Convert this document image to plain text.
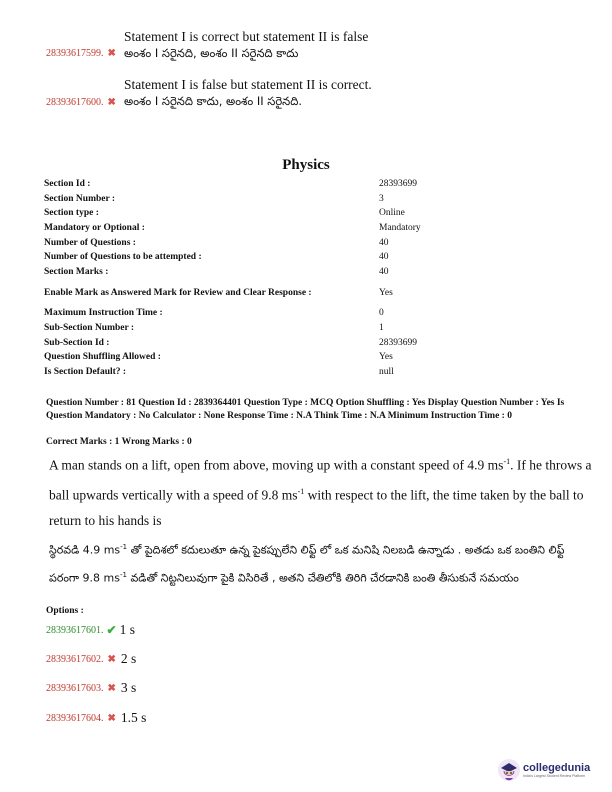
Statement I is correct but statement II is false
28393617599. ✖ అంశం I సరైనది, అంశం II సరైనది కాదు
Statement I is false but statement II is correct.
28393617600. ✖ అంశం I సరైనది కాదు, అంశం II సరైనది.
Physics
Section Id :	28393699
Section Number :	3
Section type :	Online
Mandatory or Optional :	Mandatory
Number of Questions :	40
Number of Questions to be attempted :	40
Section Marks :	40
Enable Mark as Answered Mark for Review and Clear Response :	Yes
Maximum Instruction Time :	0
Sub-Section Number :	1
Sub-Section Id :	28393699
Question Shuffling Allowed :	Yes
Is Section Default? :	null
Question Number : 81 Question Id : 2839364401 Question Type : MCQ Option Shuffling : Yes Display Question Number : Yes Is Question Mandatory : No Calculator : None Response Time : N.A Think Time : N.A Minimum Instruction Time : 0
Correct Marks : 1 Wrong Marks : 0
A man stands on a lift, open from above, moving up with a constant speed of 4.9 $ms^{-1}$. If he throws a ball upwards vertically with a speed of 9.8 $ms^{-1}$ with respect to the lift, the time taken by the ball to return to his hands is
స్థిరవడి 4.9 $ms^{-1}$ తో పైదిశలో కదులుతూ ఉన్న పైకప్పులేని లిఫ్ట్ లో ఒక మనిషి నిలబడి ఉన్నాడు . అతడు ఒక బంతిని లిఫ్ట్ పరంగా 9.8 $ms^{-1}$ వడితో నిట్టనిలువుగా పైకి విసిరితే , అతని చేతిలోకి తిరిగి చేరడానికి బంతి తీసుకునే సమయం
Options :
28393617601. ✔ 1 s
28393617602. ✖ 2 s
28393617603. ✖ 3 s
28393617604. ✖ 1.5 s
collegedunia
India's Largest Student Review Platform
